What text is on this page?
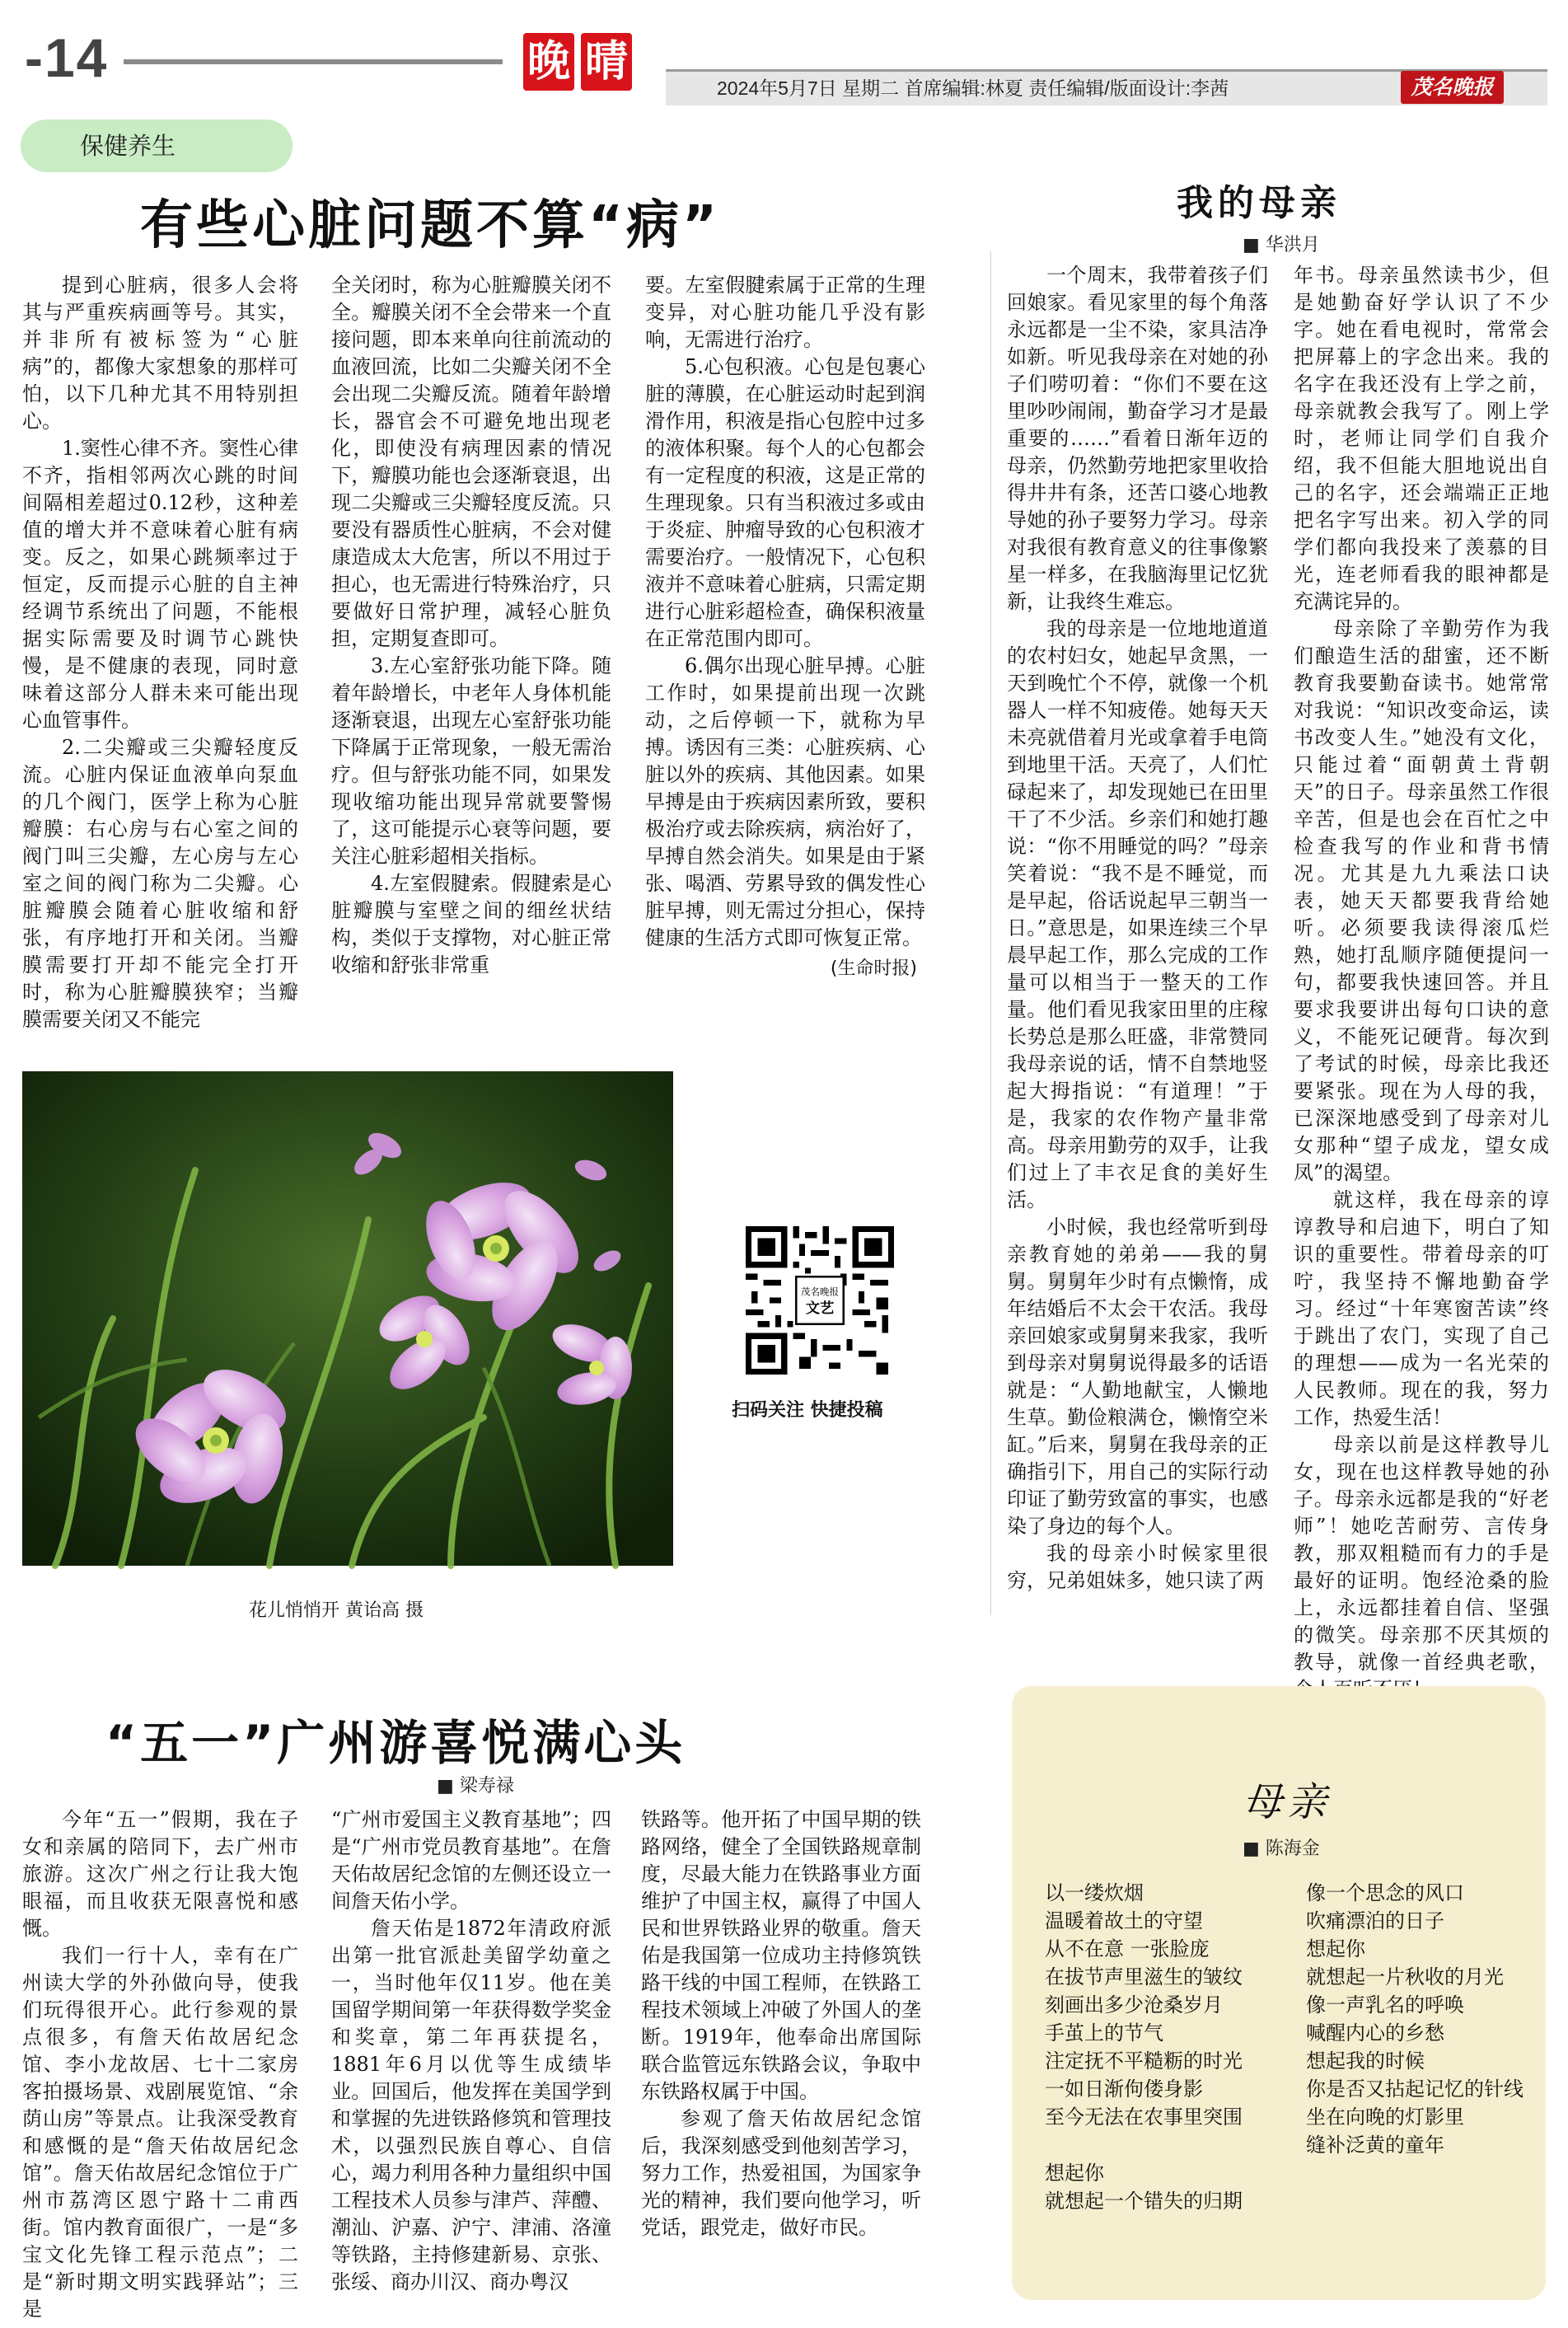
-14	晚 晴
2024年5月7日 星期二 首席编辑:林夏 责任编辑/版面设计:李茜	茂名晚报
保健养生
有些心脏问题不算“病”

提到心脏病，很多人会将其与严重疾病画等号。其实，并非所有被标签为“心脏病”的，都像大家想象的那样可怕，以下几种尤其不用特别担心。

1.窦性心律不齐。窦性心律不齐，指相邻两次心跳的时间间隔相差超过0.12秒，这种差值的增大并不意味着心脏有病变。反之，如果心跳频率过于恒定，反而提示心脏的自主神经调节系统出了问题，不能根据实际需要及时调节心跳快慢，是不健康的表现，同时意味着这部分人群未来可能出现心血管事件。

2.二尖瓣或三尖瓣轻度反流。心脏内保证血液单向泵血的几个阀门，医学上称为心脏瓣膜：右心房与右心室之间的阀门叫三尖瓣，左心房与左心室之间的阀门称为二尖瓣。心脏瓣膜会随着心脏收缩和舒张，有序地打开和关闭。当瓣膜需要打开却不能完全打开时，称为心脏瓣膜狭窄；当瓣膜需要关闭又不能完

全关闭时，称为心脏瓣膜关闭不全。瓣膜关闭不全会带来一个直接问题，即本来单向往前流动的血液回流，比如二尖瓣关闭不全会出现二尖瓣反流。随着年龄增长，器官会不可避免地出现老化，即使没有病理因素的情况下，瓣膜功能也会逐渐衰退，出现二尖瓣或三尖瓣轻度反流。只要没有器质性心脏病，不会对健康造成太大危害，所以不用过于担心，也无需进行特殊治疗，只要做好日常护理，减轻心脏负担，定期复查即可。

3.左心室舒张功能下降。随着年龄增长，中老年人身体机能逐渐衰退，出现左心室舒张功能下降属于正常现象，一般无需治疗。但与舒张功能不同，如果发现收缩功能出现异常就要警惕了，这可能提示心衰等问题，要关注心脏彩超相关指标。

4.左室假腱索。假腱索是心脏瓣膜与室壁之间的细丝状结构，类似于支撑物，对心脏正常收缩和舒张非常重

要。左室假腱索属于正常的生理变异，对心脏功能几乎没有影响，无需进行治疗。

5.心包积液。心包是包裹心脏的薄膜，在心脏运动时起到润滑作用，积液是指心包腔中过多的液体积聚。每个人的心包都会有一定程度的积液，这是正常的生理现象。只有当积液过多或由于炎症、肿瘤导致的心包积液才需要治疗。一般情况下，心包积液并不意味着心脏病，只需定期进行心脏彩超检查，确保积液量在正常范围内即可。

6.偶尔出现心脏早搏。心脏工作时，如果提前出现一次跳动，之后停顿一下，就称为早搏。诱因有三类：心脏疾病、心脏以外的疾病、其他因素。如果早搏是由于疾病因素所致，要积极治疗或去除疾病，病治好了，早搏自然会消失。如果是由于紧张、喝酒、劳累导致的偶发性心脏早搏，则无需过分担心，保持健康的生活方式即可恢复正常。

(生命时报)

花儿悄悄开 黄诒高 摄
茂名晚报
文艺
扫码关注 快捷投稿
我的母亲
■ 华洪月

一个周末，我带着孩子们回娘家。看见家里的每个角落永远都是一尘不染，家具洁净如新。听见我母亲在对她的孙子们唠叨着：“你们不要在这里吵吵闹闹，勤奋学习才是最重要的……”看着日渐年迈的母亲，仍然勤劳地把家里收拾得井井有条，还苦口婆心地教导她的孙子要努力学习。母亲对我很有教育意义的往事像繁星一样多，在我脑海里记忆犹新，让我终生难忘。

我的母亲是一位地地道道的农村妇女，她起早贪黑，一天到晚忙个不停，就像一个机器人一样不知疲倦。她每天天未亮就借着月光或拿着手电筒到地里干活。天亮了，人们忙碌起来了，却发现她已在田里干了不少活。乡亲们和她打趣说：“你不用睡觉的吗？”母亲笑着说：“我不是不睡觉，而是早起，俗话说起早三朝当一日。”意思是，如果连续三个早晨早起工作，那么完成的工作量可以相当于一整天的工作量。他们看见我家田里的庄稼长势总是那么旺盛，非常赞同我母亲说的话，情不自禁地竖起大拇指说：“有道理！”于是，我家的农作物产量非常高。母亲用勤劳的双手，让我们过上了丰衣足食的美好生活。

小时候，我也经常听到母亲教育她的弟弟——我的舅舅。舅舅年少时有点懒惰，成年结婚后不太会干农活。我母亲回娘家或舅舅来我家，我听到母亲对舅舅说得最多的话语就是：“人勤地献宝，人懒地生草。勤俭粮满仓，懒惰空米缸。”后来，舅舅在我母亲的正确指引下，用自己的实际行动印证了勤劳致富的事实，也感染了身边的每个人。

我的母亲小时候家里很穷，兄弟姐妹多，她只读了两

年书。母亲虽然读书少，但是她勤奋好学认识了不少字。她在看电视时，常常会把屏幕上的字念出来。我的名字在我还没有上学之前，母亲就教会我写了。刚上学时，老师让同学们自我介绍，我不但能大胆地说出自己的名字，还会端端正正地把名字写出来。初入学的同学们都向我投来了羡慕的目光，连老师看我的眼神都是充满诧异的。

母亲除了辛勤劳作为我们酿造生活的甜蜜，还不断教育我要勤奋读书。她常常对我说：“知识改变命运，读书改变人生。”她没有文化，只能过着“面朝黄土背朝天”的日子。母亲虽然工作很辛苦，但是也会在百忙之中检查我写的作业和背书情况。尤其是九九乘法口诀表，她天天都要我背给她听。必须要我读得滚瓜烂熟，她打乱顺序随便提问一句，都要我快速回答。并且要求我要讲出每句口诀的意义，不能死记硬背。每次到了考试的时候，母亲比我还要紧张。现在为人母的我，已深深地感受到了母亲对儿女那种“望子成龙，望女成凤”的渴望。

就这样，我在母亲的谆谆教导和启迪下，明白了知识的重要性。带着母亲的叮咛，我坚持不懈地勤奋学习。经过“十年寒窗苦读”终于跳出了农门，实现了自己的理想——成为一名光荣的人民教师。现在的我，努力工作，热爱生活！

母亲以前是这样教导儿女，现在也这样教导她的孙子。母亲永远都是我的“好老师”！她吃苦耐劳、言传身教，那双粗糙而有力的手是最好的证明。饱经沧桑的脸上，永远都挂着自信、坚强的微笑。母亲那不厌其烦的教导，就像一首经典老歌，

“五一”广州游喜悦满心头
■ 梁寿禄

今年“五一”假期，我在子女和亲属的陪同下，去广州市旅游。这次广州之行让我大饱眼福，而且收获无限喜悦和感慨。

我们一行十人，幸有在广州读大学的外孙做向导，使我们玩得很开心。此行参观的景点很多，有詹天佑故居纪念馆、李小龙故居、七十二家房客拍摄场景、戏剧展览馆、“余荫山房”等景点。让我深受教育和感慨的是“詹天佑故居纪念馆”。詹天佑故居纪念馆位于广州市荔湾区恩宁路十二甫西街。馆内教育面很广，一是“多宝文化先锋工程示范点”；二是“新时期文明实践驿站”；三是

“广州市爱国主义教育基地”；四是“广州市党员教育基地”。在詹天佑故居纪念馆的左侧还设立一间詹天佑小学。

詹天佑是1872年清政府派出第一批官派赴美留学幼童之一，当时他年仅11岁。他在美国留学期间第一年获得数学奖金和奖章，第二年再获提名，1881年6月以优等生成绩毕业。回国后，他发挥在美国学到和掌握的先进铁路修筑和管理技术，以强烈民族自尊心、自信心，竭力利用各种力量组织中国工程技术人员参与津芦、萍醴、潮汕、沪嘉、沪宁、津浦、洛潼等铁路，主持修建新易、京张、张绥、商办川汉、商办粤汉

铁路等。他开拓了中国早期的铁路网络，健全了全国铁路规章制度，尽最大能力在铁路事业方面维护了中国主权，赢得了中国人民和世界铁路业界的敬重。詹天佑是我国第一位成功主持修筑铁路干线的中国工程师，在铁路工程技术领域上冲破了外国人的垄断。1919年，他奉命出席国际联合监管远东铁路会议，争取中东铁路权属于中国。

参观了詹天佑故居纪念馆后，我深刻感受到他刻苦学习，努力工作，热爱祖国，为国家争光的精神，我们要向他学习，听党话，跟党走，做好市民。

母亲
■ 陈海金
以一缕炊烟
温暖着故土的守望
从不在意 一张脸庞
在拔节声里滋生的皱纹
刻画出多少沧桑岁月
手茧上的节气
注定抚不平糙粝的时光
一如日渐佝偻身影
至今无法在农事里突围
想起你
就想起一个错失的归期
像一个思念的风口
吹痛漂泊的日子
想起你
就想起一片秋收的月光
像一声乳名的呼唤
喊醒内心的乡愁
想起我的时候
你是否又拈起记忆的针线
坐在向晚的灯影里
缝补泛黄的童年
